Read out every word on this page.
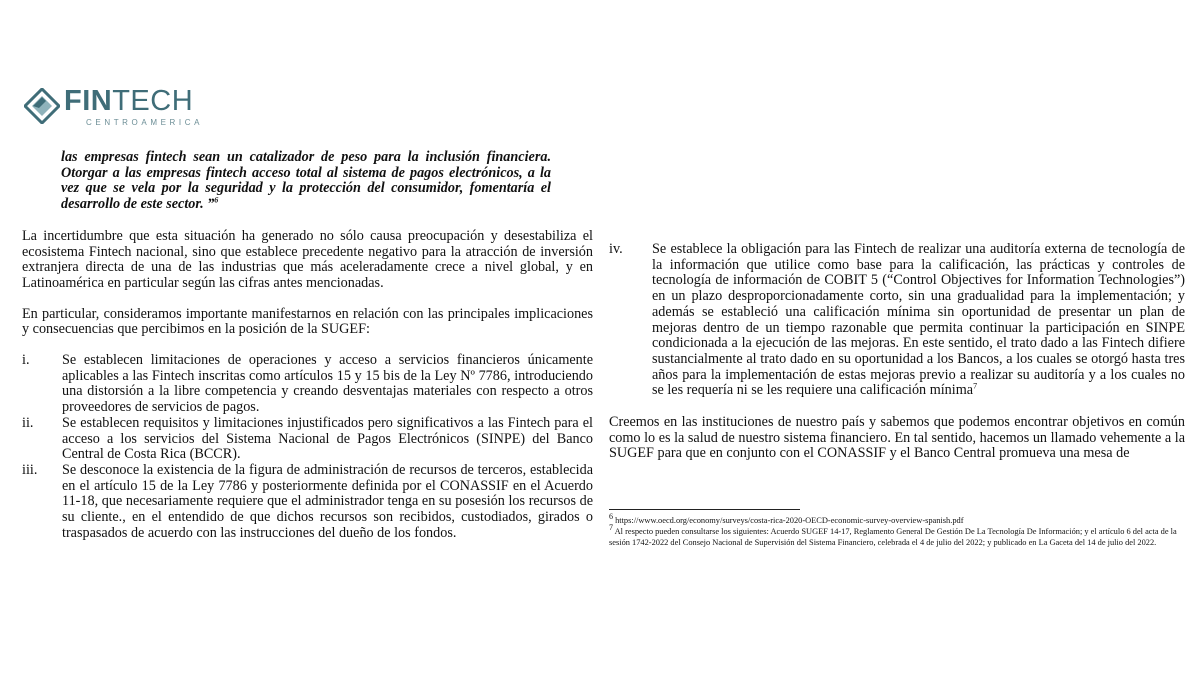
FINTECH
CENTROAMERICA

las empresas fintech sean un catalizador de peso para la inclusión financiera. Otorgar a las empresas fintech acceso total al sistema de pagos electrónicos, a la vez que se vela por la seguridad y la protección del consumidor, fomentaría el desarrollo de este sector. ”$^6$

La incertidumbre que esta situación ha generado no sólo causa preocupación y desestabiliza el ecosistema Fintech nacional, sino que establece precedente negativo para la atracción de inversión extranjera directa de una de las industrias que más aceleradamente crece a nivel global, y en Latinoamérica en particular según las cifras antes mencionadas.

En particular, consideramos importante manifestarnos en relación con las principales implicaciones y consecuencias que percibimos en la posición de la SUGEF:

i. Se establecen limitaciones de operaciones y acceso a servicios financieros únicamente aplicables a las Fintech inscritas como artículos 15 y 15 bis de la Ley Nº 7786, introduciendo una distorsión a la libre competencia y creando desventajas materiales con respecto a otros proveedores de servicios de pagos.
ii. Se establecen requisitos y limitaciones injustificados pero significativos a las Fintech para el acceso a los servicios del Sistema Nacional de Pagos Electrónicos (SINPE) del Banco Central de Costa Rica (BCCR).
iii. Se desconoce la existencia de la figura de administración de recursos de terceros, establecida en el artículo 15 de la Ley 7786 y posteriormente definida por el CONASSIF en el Acuerdo 11-18, que necesariamente requiere que el administrador tenga en su posesión los recursos de su cliente., en el entendido de que dichos recursos son recibidos, custodiados, girados o traspasados de acuerdo con las instrucciones del dueño de los fondos.
iv. Se establece la obligación para las Fintech de realizar una auditoría externa de tecnología de la información que utilice como base para la calificación, las prácticas y controles de tecnología de información de COBIT 5 (“Control Objectives for Information Technologies”) en un plazo desproporcionadamente corto, sin una gradualidad para la implementación; y además se estableció una calificación mínima sin oportunidad de presentar un plan de mejoras dentro de un tiempo razonable que permita continuar la participación en SINPE condicionada a la ejecución de las mejoras. En este sentido, el trato dado a las Fintech difiere sustancialmente al trato dado en su oportunidad a los Bancos, a los cuales se otorgó hasta tres años para la implementación de estas mejoras previo a realizar su auditoría y a los cuales no se les requería ni se les requiere una calificación mínima$^7$

Creemos en las instituciones de nuestro país y sabemos que podemos encontrar objetivos en común como lo es la salud de nuestro sistema financiero. En tal sentido, hacemos un llamado vehemente a la SUGEF para que en conjunto con el CONASSIF y el Banco Central promueva una mesa de

$^6$ https://www.oecd.org/economy/surveys/costa-rica-2020-OECD-economic-survey-overview-spanish.pdf

$^7$ Al respecto pueden consultarse los siguientes: Acuerdo SUGEF 14-17, Reglamento General De Gestión De La Tecnología De Información; y el artículo 6 del acta de la sesión 1742-2022 del Consejo Nacional de Supervisión del Sistema Financiero, celebrada el 4 de julio del 2022; y publicado en La Gaceta del 14 de julio del 2022.
